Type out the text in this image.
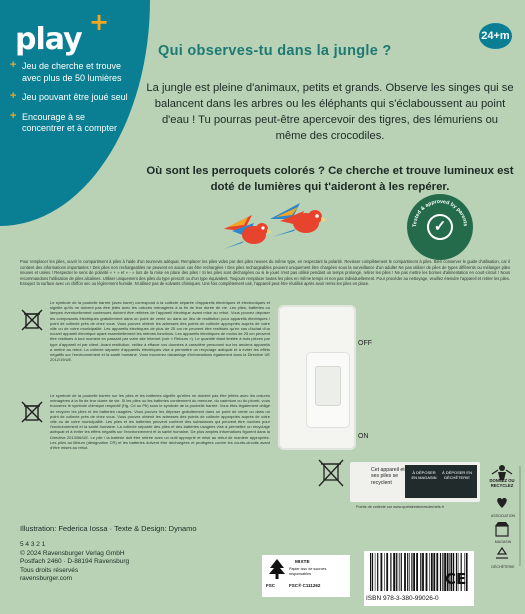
play +
+ Jeu de cherche et trouve avec plus de 50 lumières
+ Jeu pouvant être joué seul
+ Encourage à se concentrer et à compter
24+m
Qui observes-tu dans la jungle ?
La jungle est pleine d'animaux, petits et grands. Observe les singes qui se balancent dans les arbres ou les éléphants qui s'éclaboussent au point d'eau ! Tu pourras peut-être apercevoir des tigres, des lémuriens ou même des crocodiles.
Où sont les perroquets colorés ? Ce cherche et trouve lumineux est doté de lumières qui t'aideront à les repérer.
Tested & approved by parents
✓
Pour remplacer les piles, ouvrir le compartiment à piles à l'aide d'un tournevis adéquat. Remplacer les piles vides par des piles neuves du même type, en respectant la polarité. Revisser complètement le compartiment à piles. Bien conserver le guide d'utilisation, car il contient des informations importantes ! Des piles non rechargeables ne peuvent en aucun cas être rechargées ! Des piles rechargeables peuvent uniquement être chargées sous la surveillance d'un adulte! Ne pas utiliser de piles de types différents ou mélanger piles neuves et usées ! Respecter le sens de polarité « + » et « - » lors de la mise en place des piles ! Si les piles sont déchargées ou si le jouet n'est pas utilisé pendant un temps prolongé, retirer les piles ! Ne pas mettre les bornes d'alimentation en court-circuit ! Nous recommandons l'utilisation de piles alcalines. Utiliser uniquement des piles du type prescrit ou d'un type équivalent. Toujours remplacer toutes les piles en même temps et non pas individuellement. Pour procéder au nettoyage, veuillez éteindre l'appareil et retirer les piles. Essuyez la surface avec un chiffon sec ou légèrement humide. N'utilisez pas de solvants chimiques. Une fois complètement usé, l'appareil peut être réutilisé après avoir remis les piles en place.
Le symbole de la poubelle barrée (avec barre) correspond à la collecte séparée d'appareils électriques et électroniques et signifie qu'ils ne doivent pas être jetés avec les ordures ménagères à la fin de leur durée de vie. Les piles, batteries ou lampes éventuellement contenues doivent être retirées de l'appareil électrique avant mise au rebut. Vous pouvez déposer les composants électriques gratuitement dans un point de vente ou dans un lieu de restitution pour appareils électriques / point de collecte près de chez vous. Vous pouvez obtenir les adresses des points de collecte appropriés auprès de votre ville ou de votre municipalité. Les appareils électriques de plus de 25 cm ne peuvent être restitués qu'en cas d'achat d'un nouvel appareil électrique ayant essentiellement les mêmes fonctions. Les appareils électriques de moins de 25 cm peuvent être restitués à tout moment en passant par votre site Internet (voir « Retours »). Le quantité étant limitée à trois pièces par type d'appareil et par client. Avant restitution, veillez à effacer vos données à caractère personnel sur les anciens appareils à mettre au rebut. La collecte séparée d'appareils électriques vise à permettre un recyclage adéquat et à éviter les effets négatifs sur l'environnement et la santé humaine. Vous trouverez davantage d'informations également dans la Directive UE 2012/19/UE.
Le symbole de la poubelle barrée sur les piles et les batteries signifie qu'elles ne doivent pas être jetées avec les ordures ménagères à la fin de leur durée de vie. Si les piles ou les batteries contiennent du mercure, du cadmium ou du plomb, vous trouverez le symbole chimique respectif (Hg, Cd ou Pb) sous le symbole de la poubelle barrée. Vous êtes légalement obligé de recycler les piles et les batteries usagées. Vous pouvez les déposer gratuitement dans un point de vente ou dans un point de collecte près de chez vous. Vous pouvez obtenir les adresses des points de collecte appropriés auprès de votre ville ou de votre municipalité. Les piles et les batteries peuvent contenir des substances qui peuvent être nocives pour l'environnement et la santé humaine. La collecte séparée des piles et des batteries usagées vise à permettre un recyclage adéquat et à éviter les effets négatifs sur l'environnement et la santé humaine. De plus amples informations figurent dans la Directive 2013/56/UE. Le pile / la batterie doit être retirée avec un outil approprié et mise au rebut de manière appropriée. Les piles au lithium (désignation CR) et les batteries doivent être déchargées et protégées contre les courts-circuits avant d'être mises au rebut.
OFF
ON
Cet appareil et ses piles se recyclent
À DÉPOSER EN MAGASIN
À DÉPOSER EN DÉCHÈTERIE
Points de collecte sur www.quefairedemesdechets.fr
DONNEZ OU RECYCLEZ
ASSOCIATION
MAGASIN
DÉCHÈTERIE
Illustration: Federica Iossa · Texte & Design: Dynamo
5 4 3 2 1
© 2024 Ravensburger Verlag GmbH
Postfach 2460 · D-88194 Ravensburg
Tous droits réservés
ravensburger.com
FSC
MIXTE
Papier issu de sources responsables
FSC® C111262
ISBN 978-3-380-99026-0
CE
